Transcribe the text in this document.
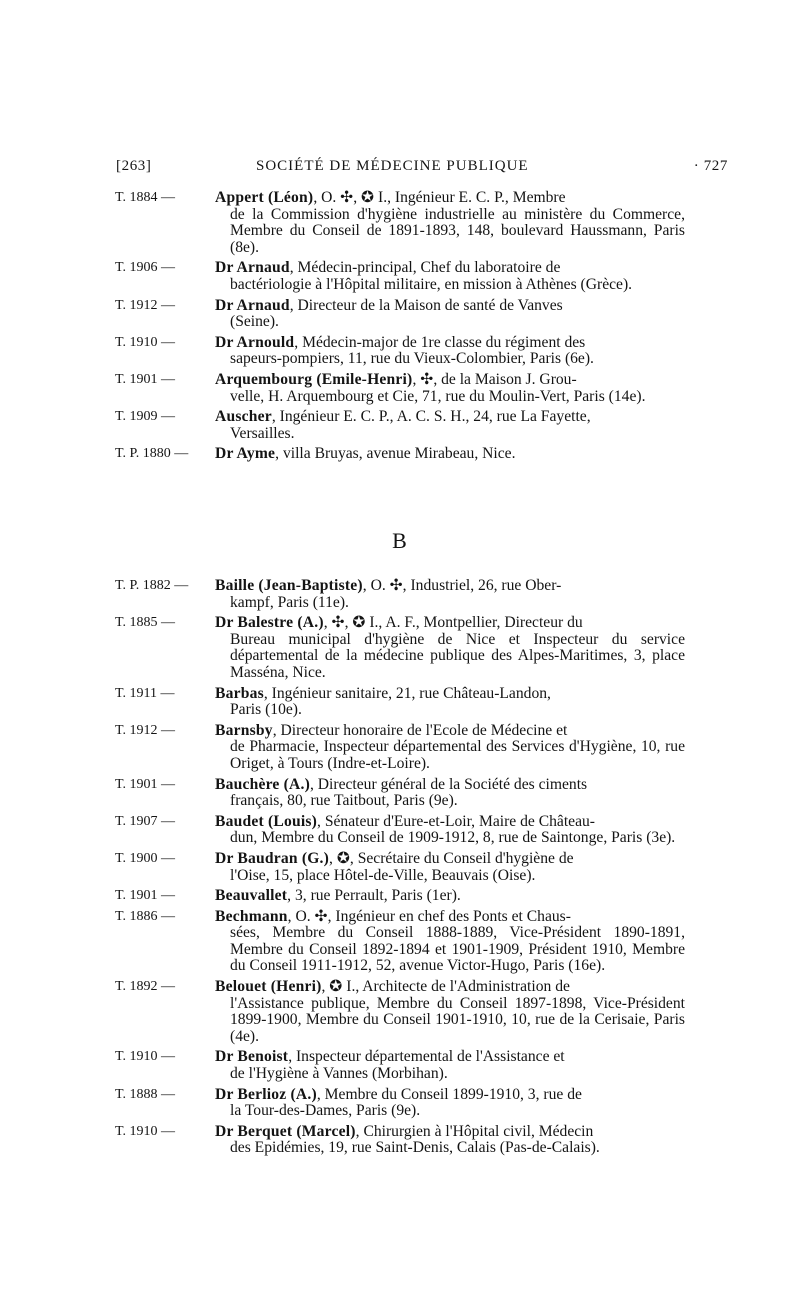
[263]	SOCIÉTÉ DE MÉDECINE PUBLIQUE	· 727
T. 1884 —	Appert (Léon), O. ✣, ✪ I., Ingénieur E. C. P., Membre
de la Commission d'hygiène industrielle au ministère du Commerce, Membre du Conseil de 1891-1893, 148, boulevard Haussmann, Paris (8e).
T. 1906 —	Dr Arnaud, Médecin-principal, Chef du laboratoire de
bactériologie à l'Hôpital militaire, en mission à Athènes (Grèce).
T. 1912 —	Dr Arnaud, Directeur de la Maison de santé de Vanves
(Seine).
T. 1910 —	Dr Arnould, Médecin-major de 1re classe du régiment des
sapeurs-pompiers, 11, rue du Vieux-Colombier, Paris (6e).
T. 1901 —	Arquembourg (Emile-Henri), ✣, de la Maison J. Grou-
velle, H. Arquembourg et Cie, 71, rue du Moulin-Vert, Paris (14e).
T. 1909 —	Auscher, Ingénieur E. C. P., A. C. S. H., 24, rue La Fayette,
Versailles.
T. P. 1880 —	Dr Ayme, villa Bruyas, avenue Mirabeau, Nice.
B
T. P. 1882 —	Baille (Jean-Baptiste), O. ✣, Industriel, 26, rue Ober-
kampf, Paris (11e).
T. 1885 —	Dr Balestre (A.), ✣, ✪ I., A. F., Montpellier, Directeur du
Bureau municipal d'hygiène de Nice et Inspecteur du service départemental de la médecine publique des Alpes-Maritimes, 3, place Masséna, Nice.
T. 1911 —	Barbas, Ingénieur sanitaire, 21, rue Château-Landon,
Paris (10e).
T. 1912 —	Barnsby, Directeur honoraire de l'Ecole de Médecine et
de Pharmacie, Inspecteur départemental des Services d'Hygiène, 10, rue Origet, à Tours (Indre-et-Loire).
T. 1901 —	Bauchère (A.), Directeur général de la Société des ciments
français, 80, rue Taitbout, Paris (9e).
T. 1907 —	Baudet (Louis), Sénateur d'Eure-et-Loir, Maire de Château-
dun, Membre du Conseil de 1909-1912, 8, rue de Saintonge, Paris (3e).
T. 1900 —	Dr Baudran (G.), ✪, Secrétaire du Conseil d'hygiène de
l'Oise, 15, place Hôtel-de-Ville, Beauvais (Oise).
T. 1901 —	Beauvallet, 3, rue Perrault, Paris (1er).
T. 1886 —	Bechmann, O. ✣, Ingénieur en chef des Ponts et Chaus-
sées, Membre du Conseil 1888-1889, Vice-Président 1890-1891, Membre du Conseil 1892-1894 et 1901-1909, Président 1910, Membre du Conseil 1911-1912, 52, avenue Victor-Hugo, Paris (16e).
T. 1892 —	Belouet (Henri), ✪ I., Architecte de l'Administration de
l'Assistance publique, Membre du Conseil 1897-1898, Vice-Président 1899-1900, Membre du Conseil 1901-1910, 10, rue de la Cerisaie, Paris (4e).
T. 1910 —	Dr Benoist, Inspecteur départemental de l'Assistance et
de l'Hygiène à Vannes (Morbihan).
T. 1888 —	Dr Berlioz (A.), Membre du Conseil 1899-1910, 3, rue de
la Tour-des-Dames, Paris (9e).
T. 1910 —	Dr Berquet (Marcel), Chirurgien à l'Hôpital civil, Médecin
des Epidémies, 19, rue Saint-Denis, Calais (Pas-de-Calais).
